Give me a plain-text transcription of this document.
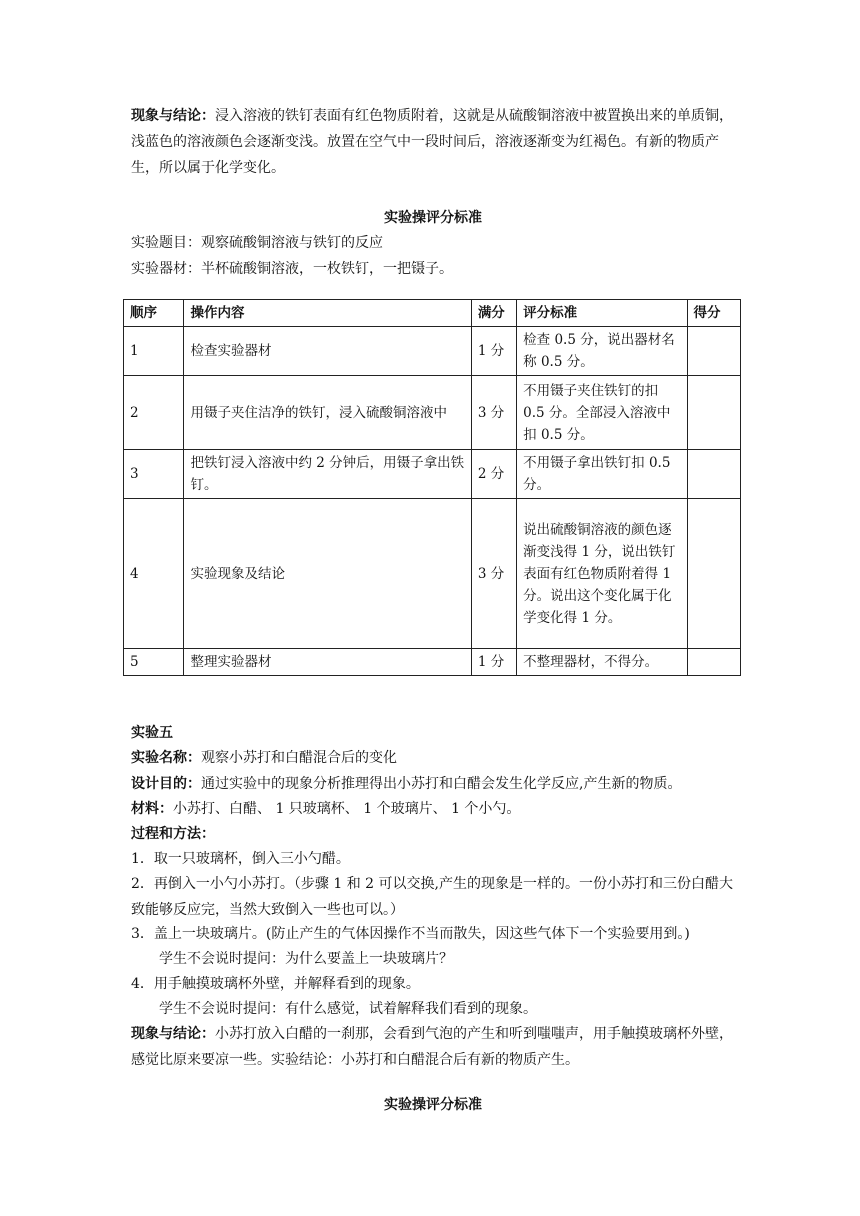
现象与结论：浸入溶液的铁钉表面有红色物质附着，这就是从硫酸铜溶液中被置换出来的单质铜，浅蓝色的溶液颜色会逐渐变浅。放置在空气中一段时间后，溶液逐渐变为红褐色。有新的物质产生，所以属于化学变化。
实验操评分标准
实验题目：观察硫酸铜溶液与铁钉的反应
实验器材：半杯硫酸铜溶液，一枚铁钉，一把镊子。
顺序	操作内容	满分	评分标准	得分
1	检查实验器材	1 分	检查 0.5 分，说出器材名称 0.5 分。	
2	用镊子夹住洁净的铁钉，浸入硫酸铜溶液中	3 分	不用镊子夹住铁钉的扣 0.5 分。全部浸入溶液中扣 0.5 分。	
3	把铁钉浸入溶液中约 2 分钟后，用镊子拿出铁钉。	2 分	不用镊子拿出铁钉扣 0.5 分。	
4	实验现象及结论	3 分	说出硫酸铜溶液的颜色逐渐变浅得 1 分，说出铁钉表面有红色物质附着得 1 分。说出这个变化属于化学变化得 1 分。	
5	整理实验器材	1 分	不整理器材，不得分。	
实验五
实验名称：观察小苏打和白醋混合后的变化
设计目的：通过实验中的现象分析推理得出小苏打和白醋会发生化学反应,产生新的物质。
材料：小苏打、白醋、 1 只玻璃杯、 1 个玻璃片、 1 个小勺。
过程和方法：
1．取一只玻璃杯，倒入三小勺醋。
2．再倒入一小勺小苏打。（步骤 1 和 2 可以交换,产生的现象是一样的。一份小苏打和三份白醋大致能够反应完，当然大致倒入一些也可以。）
3．盖上一块玻璃片。(防止产生的气体因操作不当而散失，因这些气体下一个实验要用到。)
学生不会说时提问：为什么要盖上一块玻璃片？
4．用手触摸玻璃杯外壁，并解释看到的现象。
学生不会说时提问：有什么感觉，试着解释我们看到的现象。
现象与结论：小苏打放入白醋的一刹那，会看到气泡的产生和听到嗤嗤声，用手触摸玻璃杯外壁，感觉比原来要凉一些。实验结论：小苏打和白醋混合后有新的物质产生。
实验操评分标准
